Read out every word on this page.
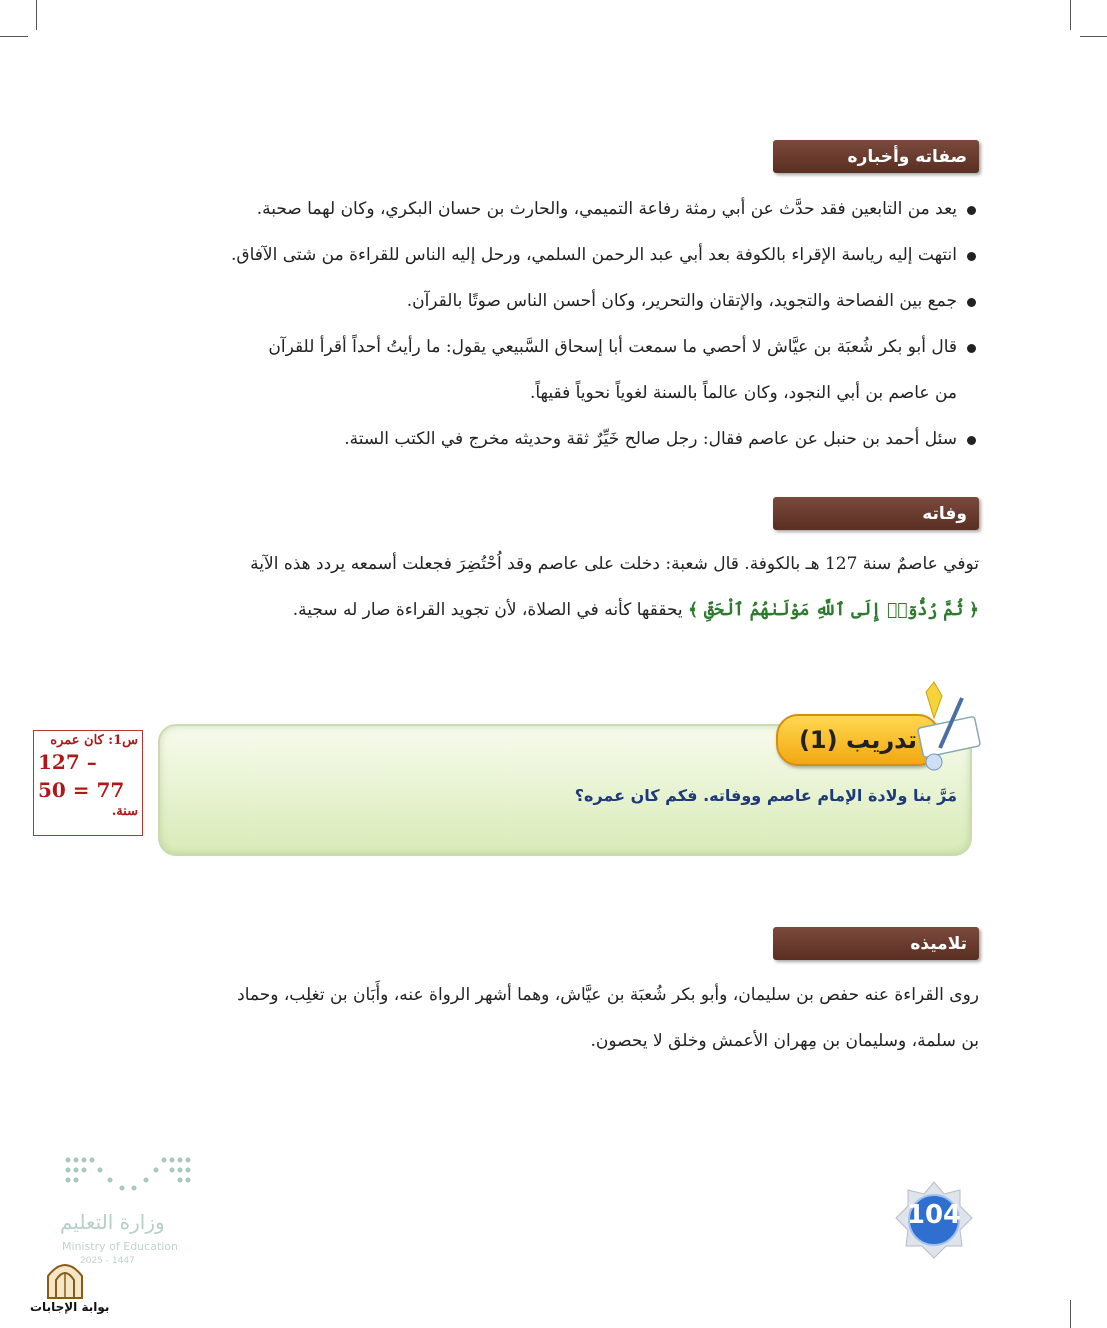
صفاته وأخباره
يعد من التابعين فقد حدَّث عن أبي رمثة رفاعة التميمي، والحارث بن حسان البكري، وكان لهما صحبة.
انتهت إليه رياسة الإقراء بالكوفة بعد أبي عبد الرحمن السلمي، ورحل إليه الناس للقراءة من شتى الآفاق.
جمع بين الفصاحة والتجويد، والإتقان والتحرير، وكان أحسن الناس صوتًا بالقرآن.
قال أبو بكر شُعبَة بن عيَّاش لا أحصي ما سمعت أبا إسحاق السَّبيعي يقول: ما رأيتُ أحداً أقرأ للقرآن
من عاصم بن أبي النجود، وكان عالماً بالسنة لغوياً نحوياً فقيهاً.
سئل أحمد بن حنبل عن عاصم فقال: رجل صالح خَيِّرٌ ثقة وحديثه مخرج في الكتب الستة.
وفاته
توفي عاصمٌ سنة 127 هـ بالكوفة. قال شعبة: دخلت على عاصم وقد اُحْتُضِرَ فجعلت أسمعه يردد هذه الآية
﴿ ثُمَّ رُدُّوٓا۟ إِلَى ٱللَّهِ مَوْلَىٰهُمُ ٱلْحَقِّ ﴾ يحققها كأنه في الصلاة، لأن تجويد القراءة صار له سجية.
س1: كان عمره
127 –
50 = 77
سنة.
تدريب (1)
مَرَّ بنا ولادة الإمام عاصم ووفاته. فكم كان عمره؟
تلاميذه
روى القراءة عنه حفص بن سليمان، وأبو بكر شُعبَة بن عيَّاش، وهما أشهر الرواة عنه، وأَبَان بن تغلِب، وحماد
بن سلمة، وسليمان بن مِهران الأعمش وخلق لا يحصون.
104
وزارة التعليم
Ministry of Education
2025 - 1447
بوابة الإجابات
